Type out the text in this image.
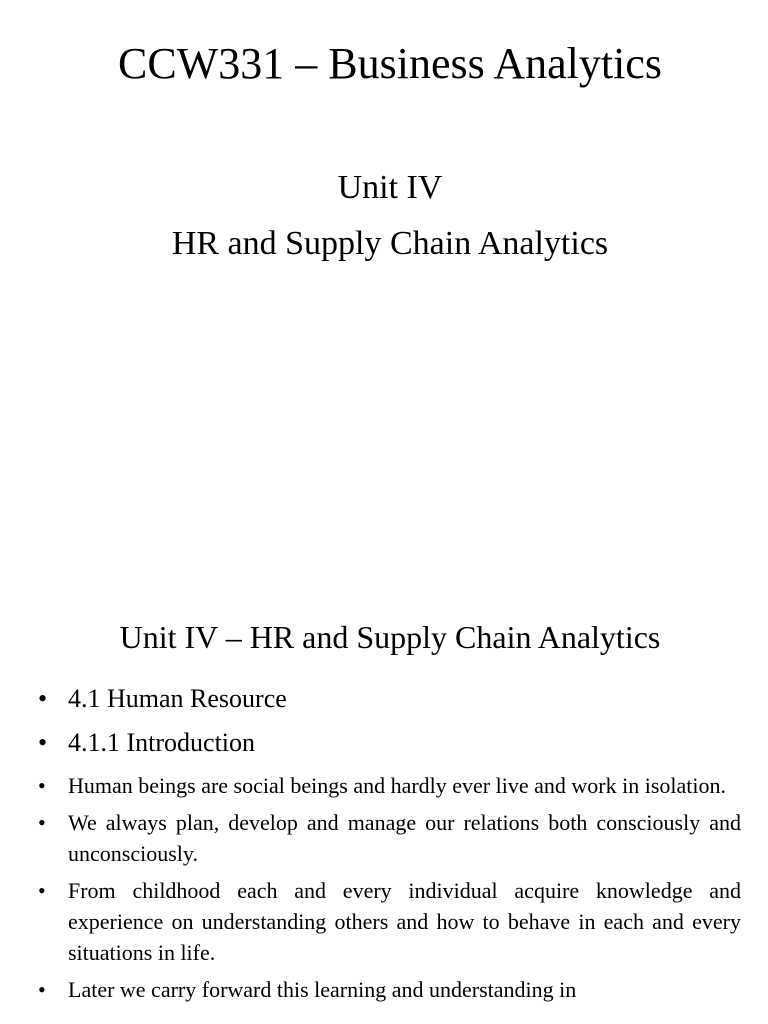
CCW331 – Business Analytics
Unit IV
HR and Supply Chain Analytics
Unit IV – HR and Supply Chain Analytics
• 4.1 Human Resource
• 4.1.1 Introduction
• Human beings are social beings and hardly ever live and work in isolation.
• We always plan, develop and manage our relations both consciously and unconsciously.
• From childhood each and every individual acquire knowledge and experience on understanding others and how to behave in each and every situations in life.
• Later we carry forward this learning and understanding in
